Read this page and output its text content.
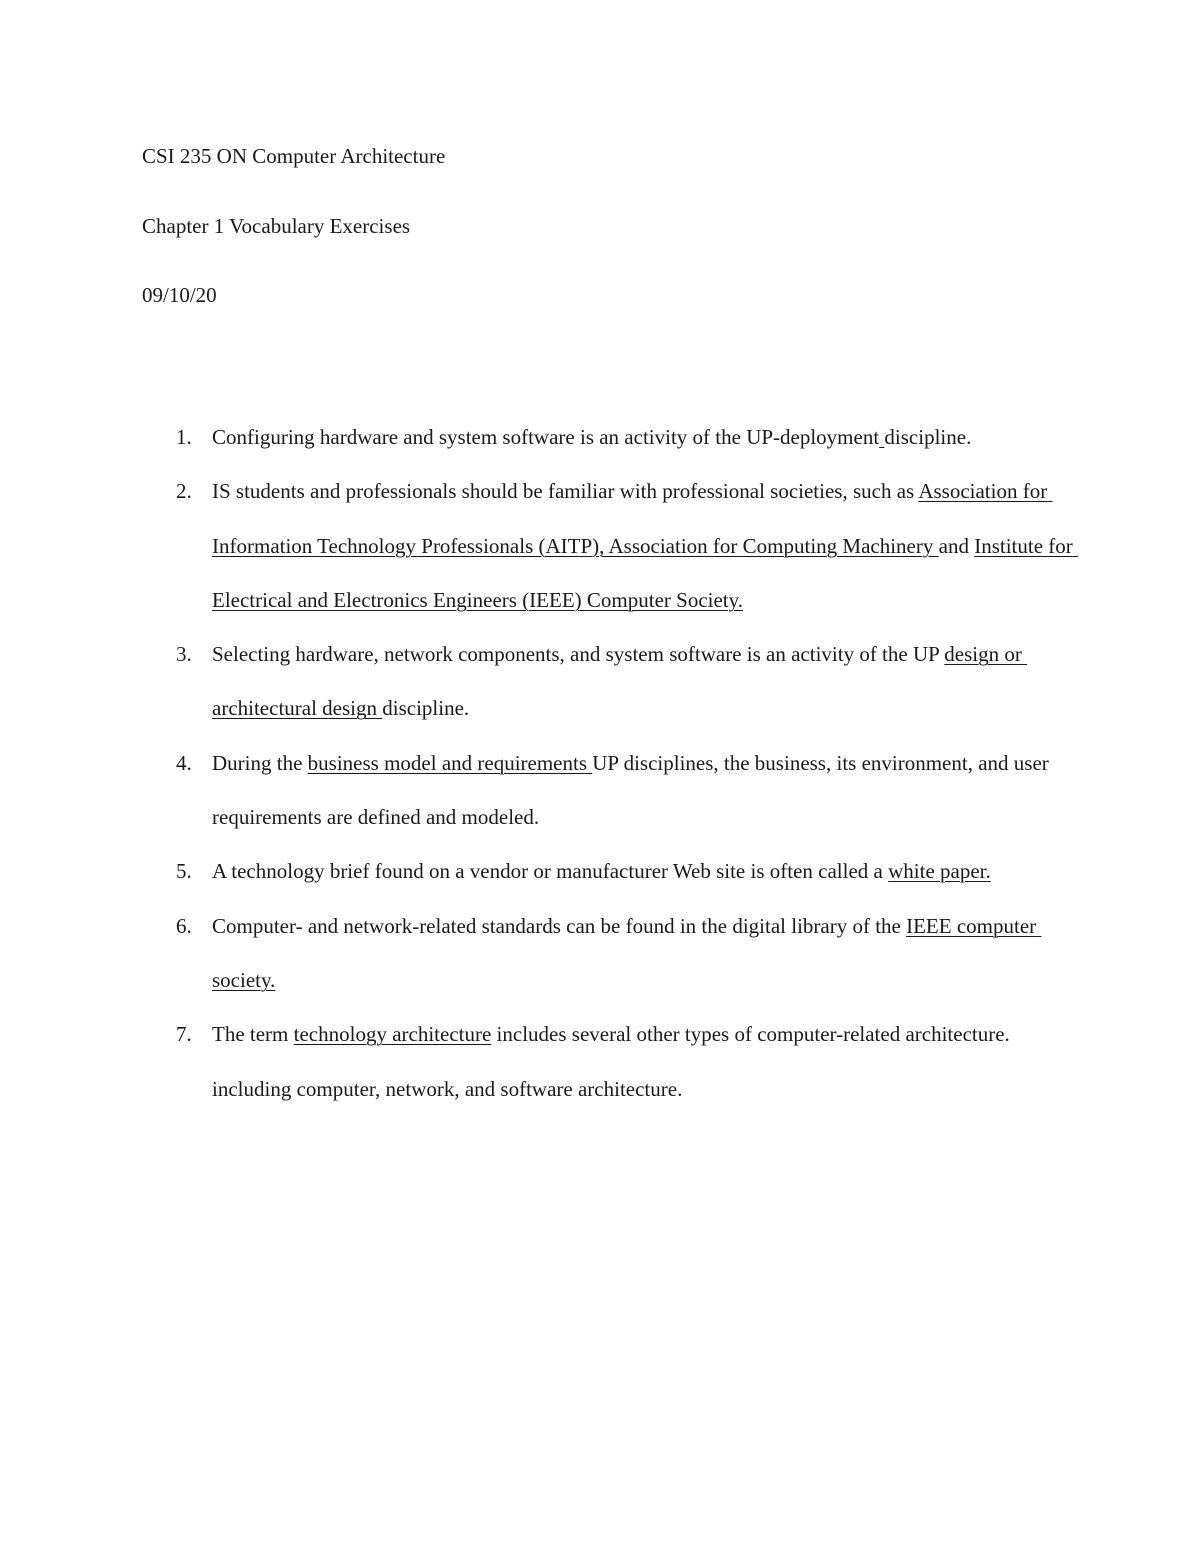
CSI 235 ON Computer Architecture
Chapter 1 Vocabulary Exercises
09/10/20
1. Configuring hardware and system software is an activity of the UP-deployment discipline.
2. IS students and professionals should be familiar with professional societies, such as Association for Information Technology Professionals (AITP), Association for Computing Machinery and Institute for Electrical and Electronics Engineers (IEEE) Computer Society.
3. Selecting hardware, network components, and system software is an activity of the UP design or architectural design discipline.
4. During the business model and requirements UP disciplines, the business, its environment, and user requirements are defined and modeled.
5. A technology brief found on a vendor or manufacturer Web site is often called a white paper.
6. Computer- and network-related standards can be found in the digital library of the IEEE computer society.
7. The term technology architecture includes several other types of computer-related architecture. including computer, network, and software architecture.
